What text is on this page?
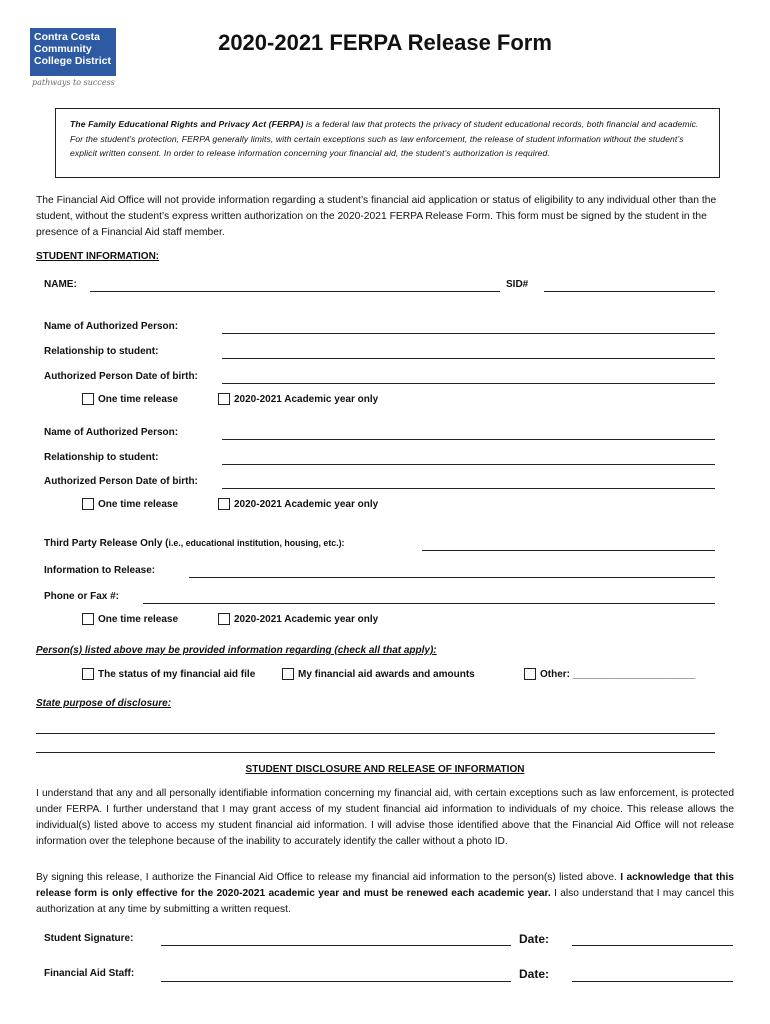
Contra Costa
Community
College District
pathways to success
2020-2021 FERPA Release Form
The Family Educational Rights and Privacy Act (FERPA) is a federal law that protects the privacy of student educational records, both financial and academic. For the student’s protection, FERPA generally limits, with certain exceptions such as law enforcement, the release of student information without the student’s explicit written consent. In order to release information concerning your financial aid, the student’s authorization is required.
The Financial Aid Office will not provide information regarding a student’s financial aid application or status of eligibility to any individual other than the student, without the student’s express written authorization on the 2020-2021 FERPA Release Form. This form must be signed by the student in the presence of a Financial Aid staff member.
STUDENT INFORMATION:
NAME:	SID#
Name of Authorized Person:
Relationship to student:
Authorized Person Date of birth:
One time release	2020-2021 Academic year only
Name of Authorized Person:
Relationship to student:
Authorized Person Date of birth:
One time release	2020-2021 Academic year only
Third Party Release Only (i.e., educational institution, housing, etc.):
Information to Release:
Phone or Fax #:
One time release	2020-2021 Academic year only
Person(s) listed above may be provided information regarding (check all that apply):
The status of my financial aid file	My financial aid awards and amounts	Other: ______________________
State purpose of disclosure:
STUDENT DISCLOSURE AND RELEASE OF INFORMATION
I understand that any and all personally identifiable information concerning my financial aid, with certain exceptions such as law enforcement, is protected under FERPA. I further understand that I may grant access of my student financial aid information to individuals of my choice. This release allows the individual(s) listed above to access my student financial aid information. I will advise those identified above that the Financial Aid Office will not release information over the telephone because of the inability to accurately identify the caller without a photo ID.
By signing this release, I authorize the Financial Aid Office to release my financial aid information to the person(s) listed above. I acknowledge that this release form is only effective for the 2020-2021 academic year and must be renewed each academic year. I also understand that I may cancel this authorization at any time by submitting a written request.
Student Signature:	Date:
Financial Aid Staff:	Date:
